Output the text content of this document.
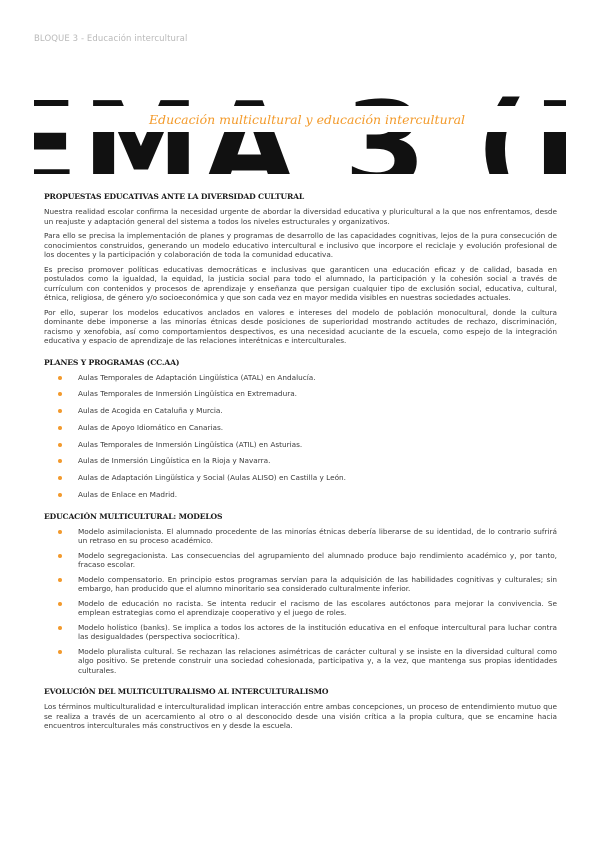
BLOQUE 3 - Educación intercultural
Educación multicultural y educación intercultural
PROPUESTAS EDUCATIVAS ANTE LA DIVERSIDAD CULTURAL

Nuestra realidad escolar confirma la necesidad urgente de abordar la diversidad educativa y pluricultural a la que nos enfrentamos, desde un reajuste y adaptación general del sistema a todos los niveles estructurales y organizativos.

Para ello se precisa la implementación de planes y programas de desarrollo de las capacidades cognitivas, lejos de la pura consecución de conocimientos construidos, generando un modelo educativo intercultural e inclusivo que incorpore el reciclaje y evolución profesional de los docentes y la participación y colaboración de toda la comunidad educativa.

Es preciso promover políticas educativas democráticas e inclusivas que garanticen una educación eficaz y de calidad, basada en postulados como la igualdad, la equidad, la justicia social para todo el alumnado, la participación y la cohesión social a través de currículum con contenidos y procesos de aprendizaje y enseñanza que persigan cualquier tipo de exclusión social, educativa, cultural, étnica, religiosa, de género y/o socioeconómica y que son cada vez en mayor medida visibles en nuestras sociedades actuales.

Por ello, superar los modelos educativos anclados en valores e intereses del modelo de población monocultural, donde la cultura dominante debe imponerse a las minorías étnicas desde posiciones de superioridad mostrando actitudes de rechazo, discriminación, racismo y xenofobia, así como comportamientos despectivos, es una necesidad acuciante de la escuela, como espejo de la integración educativa y espacio de aprendizaje de las relaciones interétnicas e interculturales.

PLANES Y PROGRAMAS (CC.AA)
Aulas Temporales de Adaptación Lingüística (ATAL) en Andalucía.
Aulas Temporales de Inmersión Lingüística en Extremadura.
Aulas de Acogida en Cataluña y Murcia.
Aulas de Apoyo Idiomático en Canarias.
Aulas Temporales de Inmersión Lingüística (ATIL) en Asturias.
Aulas de Inmersión Lingüística en la Rioja y Navarra.
Aulas de Adaptación Lingüística y Social (Aulas ALISO) en Castilla y León.
Aulas de Enlace en Madrid.
EDUCACIÓN MULTICULTURAL: MODELOS
Modelo asimilacionista. El alumnado procedente de las minorías étnicas debería liberarse de su identidad, de lo contrario sufrirá un retraso en su proceso académico.
Modelo segregacionista. Las consecuencias del agrupamiento del alumnado produce bajo rendimiento académico y, por tanto, fracaso escolar.
Modelo compensatorio. En principio estos programas servían para la adquisición de las habilidades cognitivas y culturales; sin embargo, han producido que el alumno minoritario sea considerado culturalmente inferior.
Modelo de educación no racista. Se intenta reducir el racismo de las escolares autóctonos para mejorar la convivencia. Se emplean estrategias como el aprendizaje cooperativo y el juego de roles.
Modelo holístico (banks). Se implica a todos los actores de la institución educativa en el enfoque intercultural para luchar contra las desigualdades (perspectiva sociocrítica).
Modelo pluralista cultural. Se rechazan las relaciones asimétricas de carácter cultural y se insiste en la diversidad cultural como algo positivo. Se pretende construir una sociedad cohesionada, participativa y, a la vez, que mantenga sus propias identidades culturales.
EVOLUCIÓN DEL MULTICULTURALISMO AL INTERCULTURALISMO

Los términos multiculturalidad e interculturalidad implican interacción entre ambas concepciones, un proceso de entendimiento mutuo que se realiza a través de un acercamiento al otro o al desconocido desde una visión crítica a la propia cultura, que se encamine hacia encuentros interculturales más constructivos en y desde la escuela.
